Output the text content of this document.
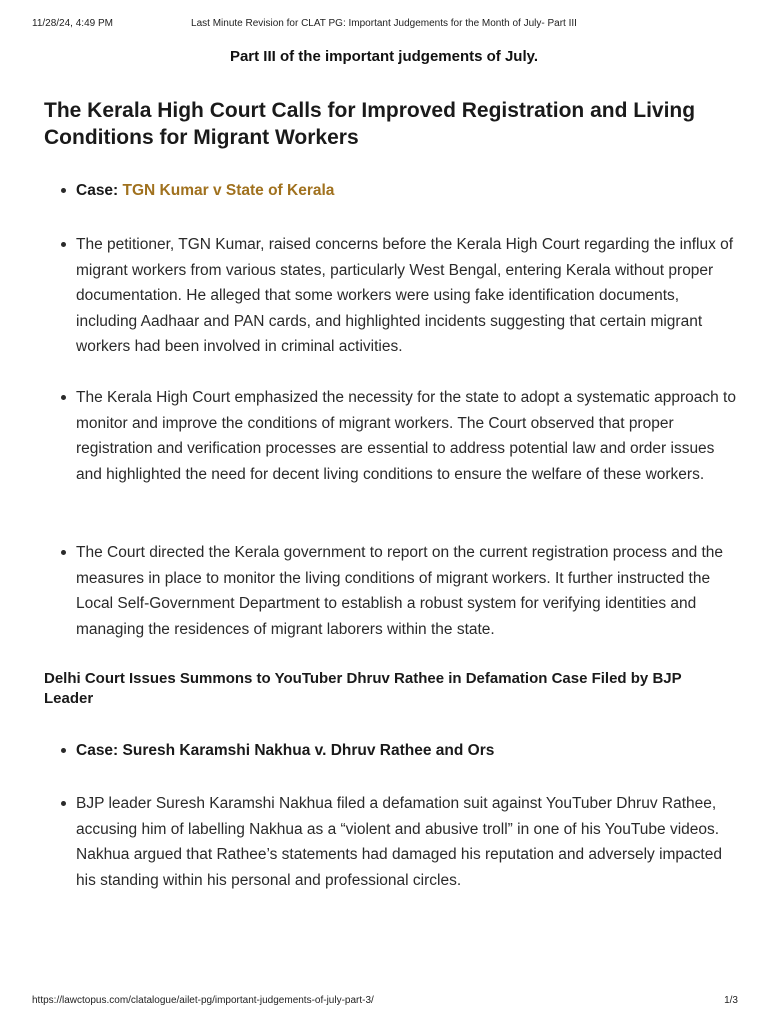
11/28/24, 4:49 PM	Last Minute Revision for CLAT PG: Important Judgements for the Month of July- Part III
Part III of the important judgements of July.
The Kerala High Court Calls for Improved Registration and Living Conditions for Migrant Workers
Case: TGN Kumar v State of Kerala

The petitioner, TGN Kumar, raised concerns before the Kerala High Court regarding the influx of migrant workers from various states, particularly West Bengal, entering Kerala without proper documentation. He alleged that some workers were using fake identification documents, including Aadhaar and PAN cards, and highlighted incidents suggesting that certain migrant workers had been involved in criminal activities.

The Kerala High Court emphasized the necessity for the state to adopt a systematic approach to monitor and improve the conditions of migrant workers. The Court observed that proper registration and verification processes are essential to address potential law and order issues and highlighted the need for decent living conditions to ensure the welfare of these workers.

The Court directed the Kerala government to report on the current registration process and the measures in place to monitor the living conditions of migrant workers. It further instructed the Local Self-Government Department to establish a robust system for verifying identities and managing the residences of migrant laborers within the state.

Delhi Court Issues Summons to YouTuber Dhruv Rathee in Defamation Case Filed by BJP Leader
Case: Suresh Karamshi Nakhua v. Dhruv Rathee and Ors

BJP leader Suresh Karamshi Nakhua filed a defamation suit against YouTuber Dhruv Rathee, accusing him of labelling Nakhua as a “violent and abusive troll” in one of his YouTube videos. Nakhua argued that Rathee’s statements had damaged his reputation and adversely impacted his standing within his personal and professional circles.

https://lawctopus.com/clatalogue/ailet-pg/important-judgements-of-july-part-3/	1/3
